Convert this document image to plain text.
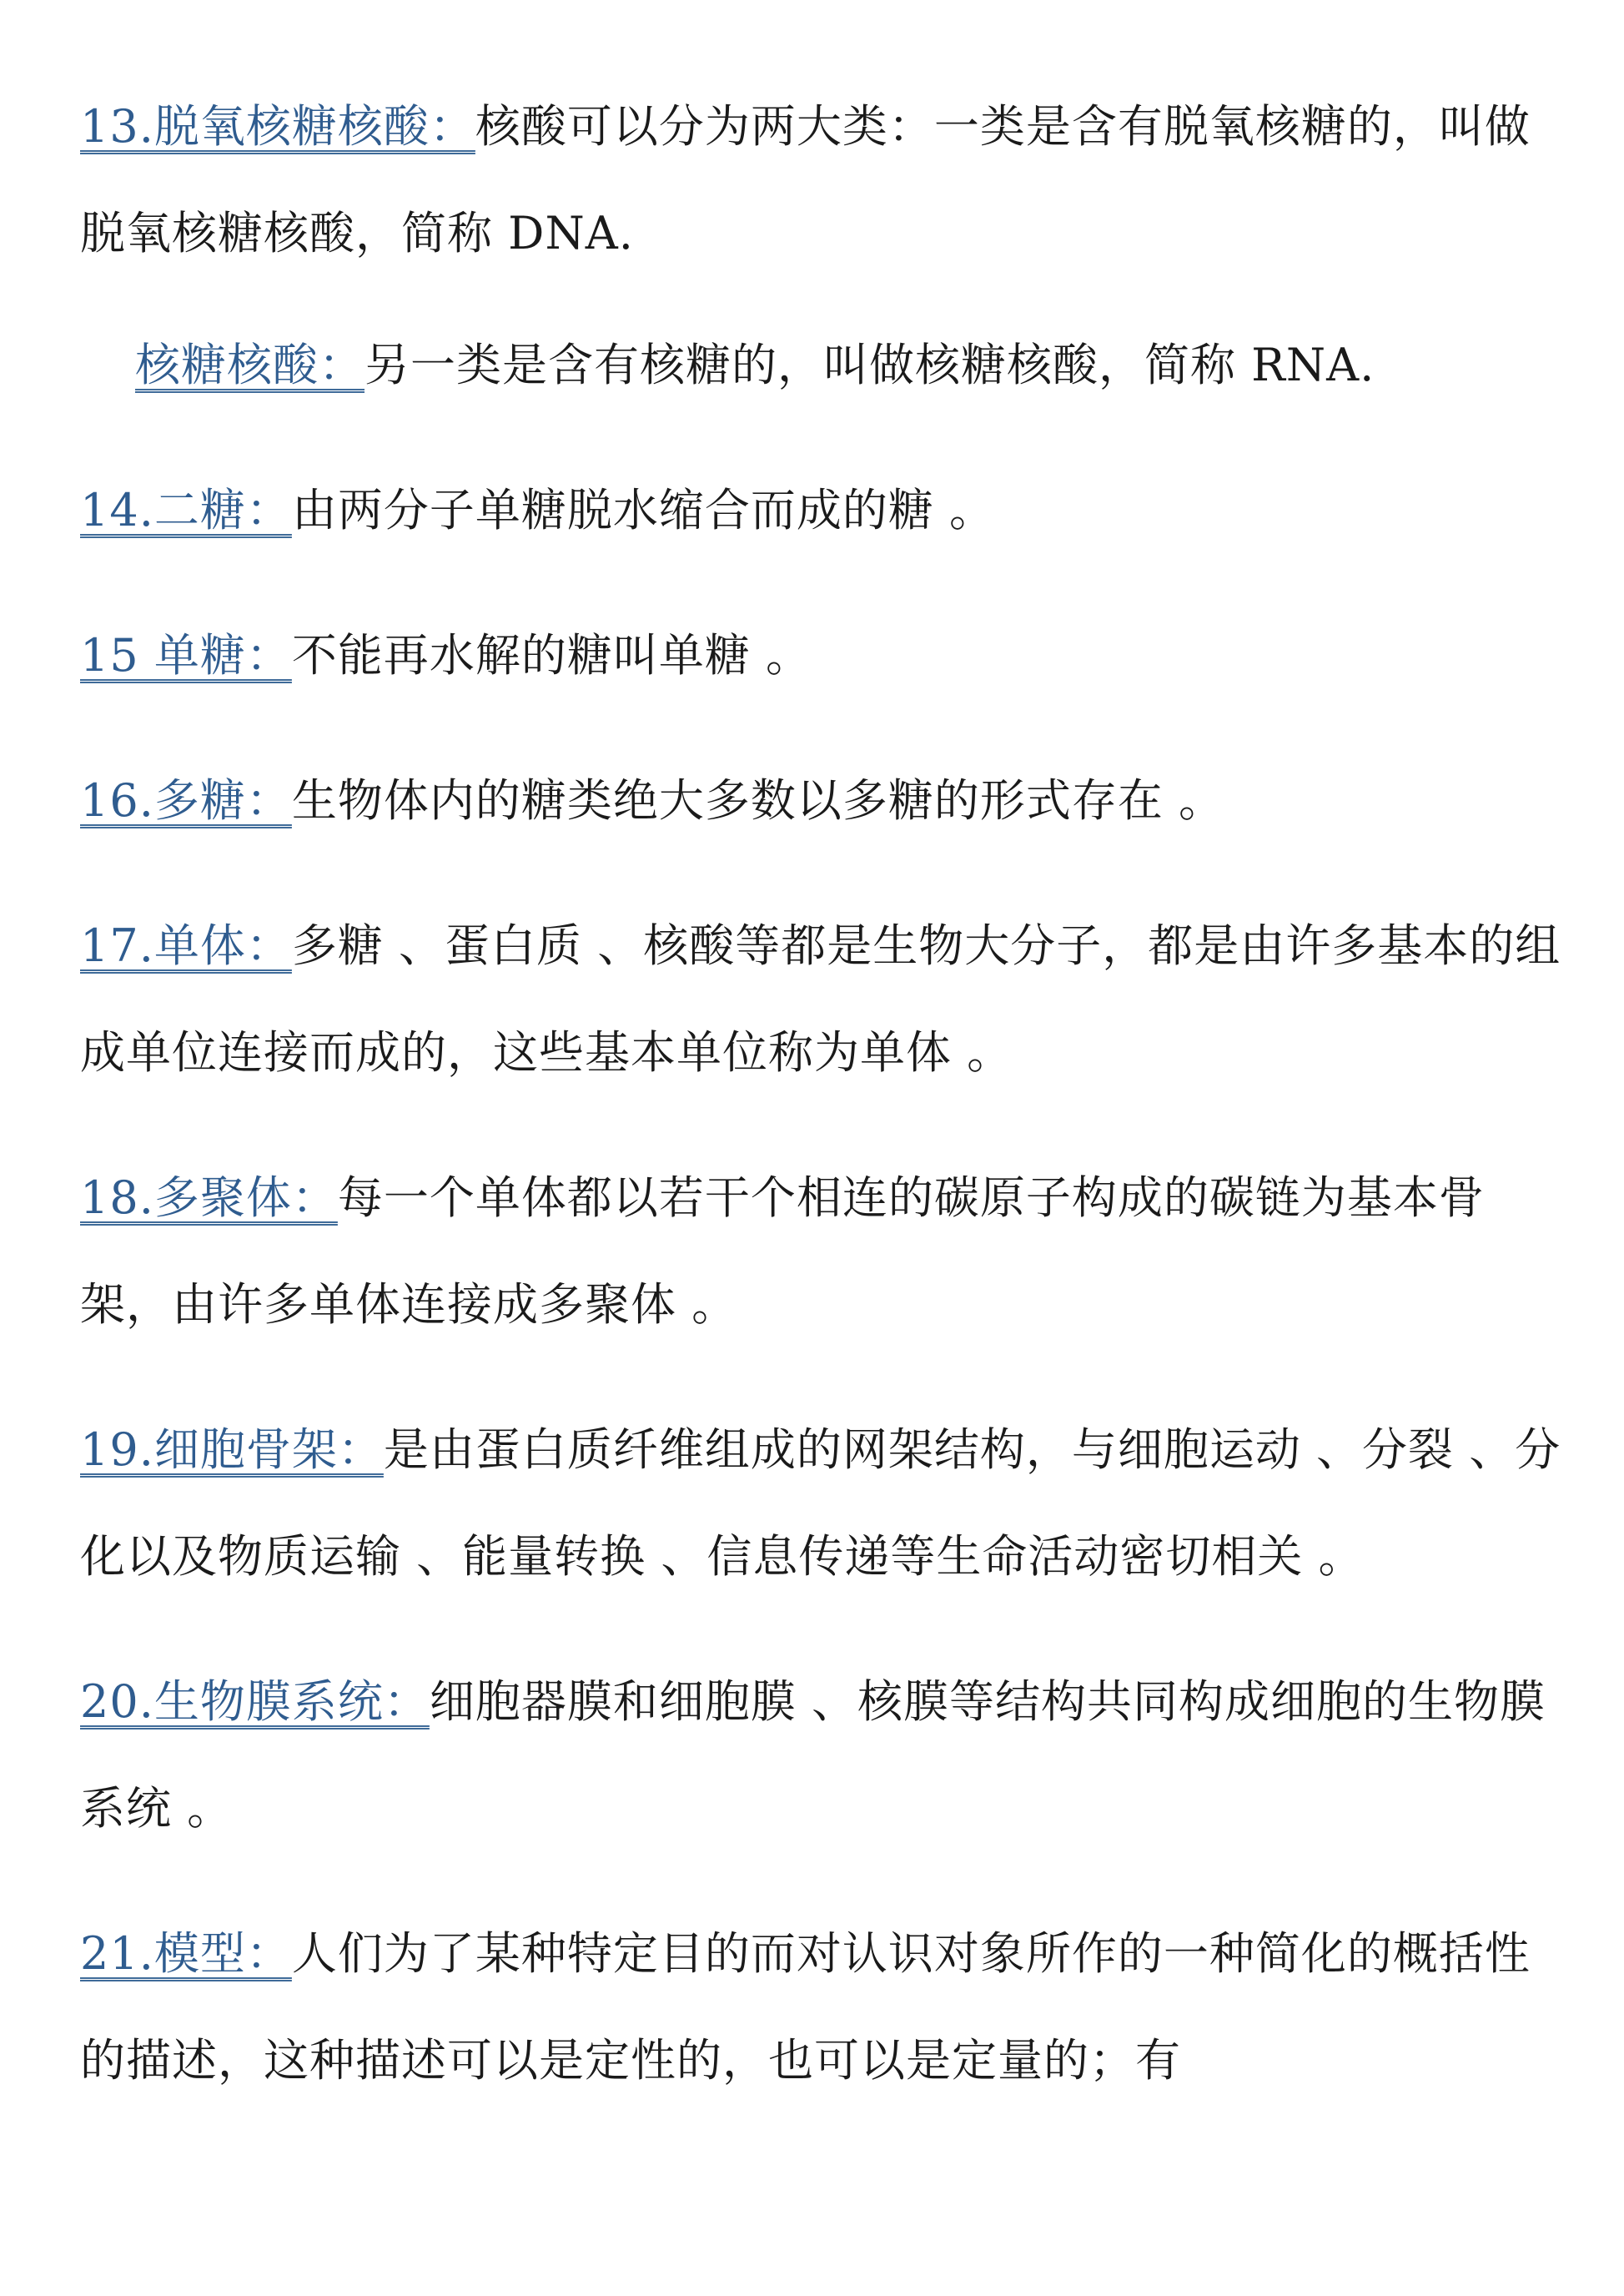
13.脱氧核糖核酸：核酸可以分为两大类：一类是含有脱氧核糖的，叫做脱氧核糖核酸，简称 DNA.

核糖核酸：另一类是含有核糖的，叫做核糖核酸，简称 RNA.

14.二糖：由两分子单糖脱水缩合而成的糖 。

15 单糖：不能再水解的糖叫单糖 。

16.多糖：生物体内的糖类绝大多数以多糖的形式存在 。

17.单体：多糖 、蛋白质 、核酸等都是生物大分子，都是由许多基本的组成单位连接而成的，这些基本单位称为单体 。

18.多聚体：每一个单体都以若干个相连的碳原子构成的碳链为基本骨架，由许多单体连接成多聚体 。

19.细胞骨架：是由蛋白质纤维组成的网架结构，与细胞运动 、分裂 、分化以及物质运输 、能量转换 、信息传递等生命活动密切相关 。

20.生物膜系统：细胞器膜和细胞膜 、核膜等结构共同构成细胞的生物膜系统 。

21.模型：人们为了某种特定目的而对认识对象所作的一种简化的概括性的描述，这种描述可以是定性的，也可以是定量的；有
